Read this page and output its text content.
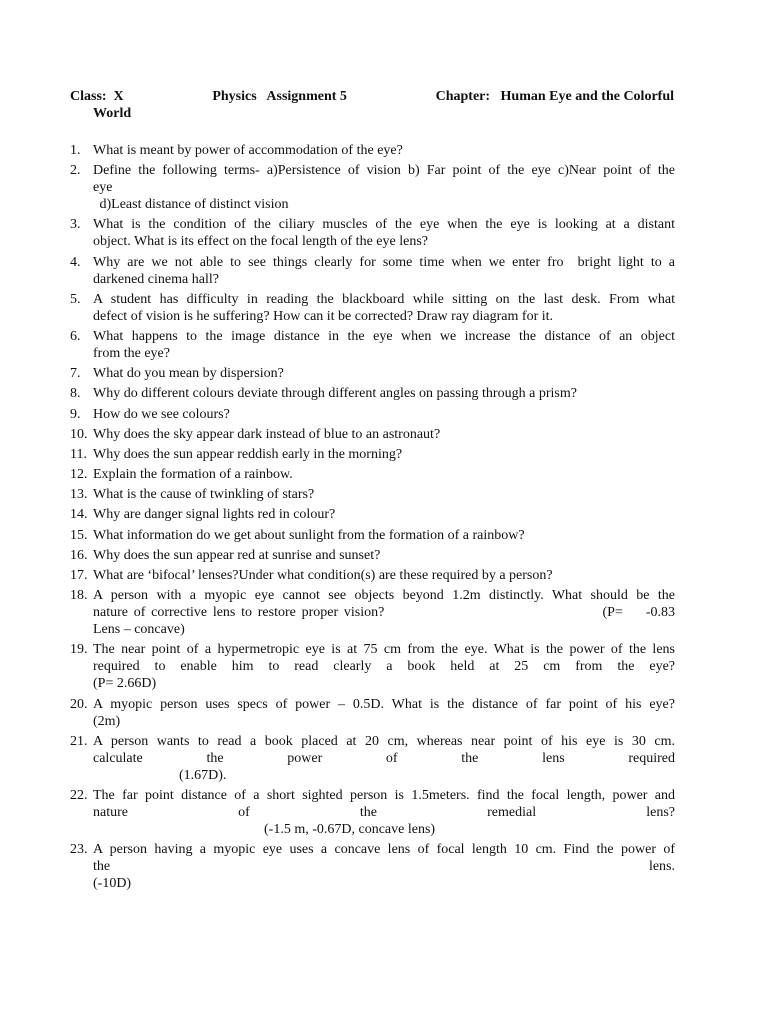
Class:  X	Physics   Assignment 5	Chapter:   Human Eye and the Colorful
World
1. What is meant by power of accommodation of the eye?
2. Define the following terms- a)Persistence of vision b) Far point of the eye c)Near point of the
eye
d)Least distance of distinct vision
3. What is the condition of the ciliary muscles of the eye when the eye is looking at a distant
object. What is its effect on the focal length of the eye lens?
4. Why are we not able to see things clearly for some time when we enter fro  bright light to a
darkened cinema hall?
5. A student has difficulty in reading the blackboard while sitting on the last desk. From what
defect of vision is he suffering? How can it be corrected? Draw ray diagram for it.
6. What happens to the image distance in the eye when we increase the distance of an object
from the eye?
7. What do you mean by dispersion?
8. Why do different colours deviate through different angles on passing through a prism?
9. How do we see colours?
10. Why does the sky appear dark instead of blue to an astronaut?
11. Why does the sun appear reddish early in the morning?
12. Explain the formation of a rainbow.
13. What is the cause of twinkling of stars?
14. Why are danger signal lights red in colour?
15. What information do we get about sunlight from the formation of a rainbow?
16. Why does the sun appear red at sunrise and sunset?
17. What are ‘bifocal’ lenses?Under what condition(s) are these required by a person?
18. A person with a myopic eye cannot see objects beyond 1.2m distinctly. What should be the
nature of corrective lens to restore proper vision?                                      (P=    -0.83
Lens – concave)
19. The near point of a hypermetropic eye is at 75 cm from the eye. What is the power of the lens
required to enable him to read clearly a book held at 25 cm from the eye?
(P= 2.66D)
20. A myopic person uses specs of power – 0.5D. What is the distance of far point of his eye?
(2m)
21. A person wants to read a book placed at 20 cm, whereas near point of his eye is 30 cm.
calculate the power of the lens required
(1.67D).
22. The far point distance of a short sighted person is 1.5meters. find the focal length, power and
nature                    of                    the                    remedial                    lens?
(-1.5 m, -0.67D, concave lens)
23. A person having a myopic eye uses a concave lens of focal length 10 cm. Find the power of
the lens.
(-10D)
